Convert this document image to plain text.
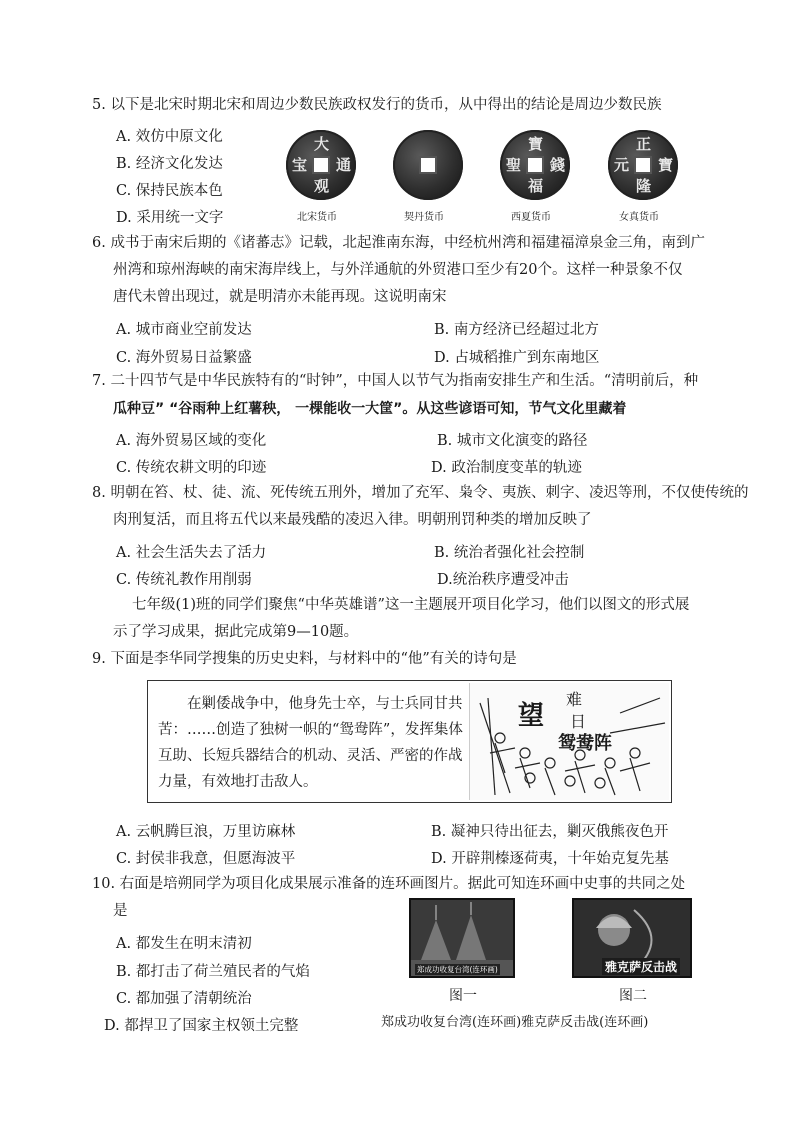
5. 以下是北宋时期北宋和周边少数民族政权发行的货币，从中得出的结论是周边少数民族
A. 效仿中原文化
B. 经济文化发达
C. 保持民族本色
D. 采用统一文字
大
通
观
宝
寶
錢
福
聖
正
寶
隆
元
北宋货币	契丹货币	西夏货币	女真货币
6. 成书于南宋后期的《诸蕃志》记载，北起淮南东海，中经杭州湾和福建福漳泉金三角，南到广
州湾和琼州海峡的南宋海岸线上，与外洋通航的外贸港口至少有20个。这样一种景象不仅
唐代未曾出现过，就是明清亦未能再现。这说明南宋
A. 城市商业空前发达	B. 南方经济已经超过北方
C. 海外贸易日益繁盛	D. 占城稻推广到东南地区
7. 二十四节气是中华民族特有的“时钟”，中国人以节气为指南安排生产和生活。“清明前后，种
瓜种豆” “谷雨种上红薯秧， 一棵能收一大筐”。从这些谚语可知，节气文化里藏着
A. 海外贸易区域的变化	B. 城市文化演变的路径
C. 传统农耕文明的印迹	D. 政治制度变革的轨迹
8. 明朝在笞、杖、徒、流、死传统五刑外，增加了充军、枭令、夷族、刺字、凌迟等刑，不仅使传统的
肉刑复活，而且将五代以来最残酷的凌迟入律。明朝刑罚种类的增加反映了
A. 社会生活失去了活力	B. 统治者强化社会控制
C. 传统礼教作用削弱	D.统治秩序遭受冲击
七年级(1)班的同学们聚焦“中华英雄谱”这一主题展开项目化学习，他们以图文的形式展
示了学习成果，据此完成第9—10题。
9. 下面是李华同学搜集的历史史料，与材料中的“他”有关的诗句是
在剿倭战争中，他身先士卒，与士兵同甘共苦：……创造了独树一帜的“鸳鸯阵”，发挥集体互助、长短兵器结合的机动、灵活、严密的作战力量，有效地打击敌人。
望
难
日
鸳鸯阵
A. 云帆腾巨浪，万里访麻林	B. 凝神只待出征去，剿灭俄熊夜色开
C. 封侯非我意，但愿海波平	D. 开辟荆榛逐荷夷，十年始克复先基
10. 右面是培朔同学为项目化成果展示准备的连环画图片。据此可知连环画中史事的共同之处
是
A. 都发生在明末清初
B. 都打击了荷兰殖民者的气焰
C. 都加强了清朝统治
D. 都捍卫了国家主权领土完整
郑成功收复台湾(连环画)	雅克萨反击战
图一	图二
郑成功收复台湾(连环画)雅克萨反击战(连环画)
